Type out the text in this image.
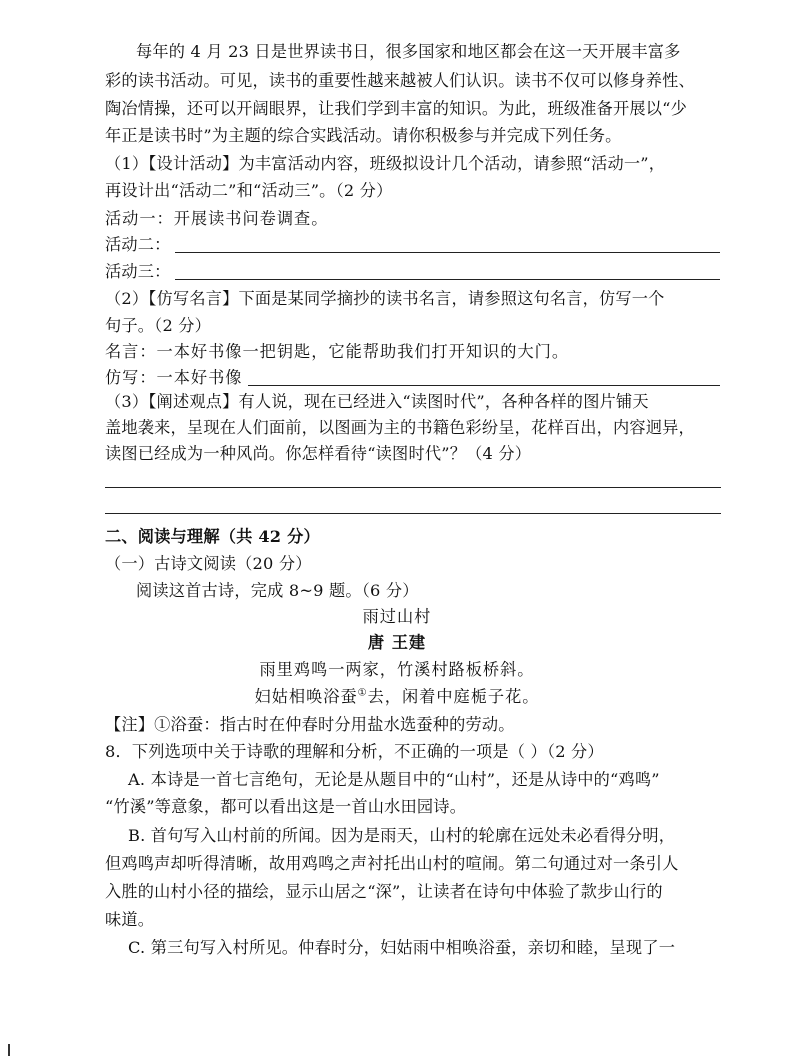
每年的 4 月 23 日是世界读书日，很多国家和地区都会在这一天开展丰富多
彩的读书活动。可见，读书的重要性越来越被人们认识。读书不仅可以修身养性、
陶冶情操，还可以开阔眼界，让我们学到丰富的知识。为此，班级准备开展以“少
年正是读书时”为主题的综合实践活动。请你积极参与并完成下列任务。
（1）【设计活动】为丰富活动内容，班级拟设计几个活动，请参照“活动一”，
再设计出“活动二”和“活动三”。（2 分）
活动一：开展读书问卷调查。
活动二：
活动三：
（2）【仿写名言】下面是某同学摘抄的读书名言，请参照这句名言，仿写一个
句子。（2 分）
名言：一本好书像一把钥匙，它能帮助我们打开知识的大门。
仿写：一本好书像
（3）【阐述观点】有人说，现在已经进入“读图时代”，各种各样的图片铺天
盖地袭来，呈现在人们面前，以图画为主的书籍色彩纷呈，花样百出，内容迥异，
读图已经成为一种风尚。你怎样看待“读图时代”？（4 分）
二、阅读与理解（共 42 分）
（一）古诗文阅读（20 分）
阅读这首古诗，完成 8~9 题。（6 分）
雨过山村
唐 王建
雨里鸡鸣一两家，竹溪村路板桥斜。
妇姑相唤浴蚕①去，闲着中庭栀子花。
【注】①浴蚕：指古时在仲春时分用盐水选蚕种的劳动。
8．下列选项中关于诗歌的理解和分析，不正确的一项是（ ）（2 分）
A. 本诗是一首七言绝句，无论是从题目中的“山村”，还是从诗中的“鸡鸣”
“竹溪”等意象，都可以看出这是一首山水田园诗。
B. 首句写入山村前的所闻。因为是雨天，山村的轮廓在远处未必看得分明，
但鸡鸣声却听得清晰，故用鸡鸣之声衬托出山村的喧闹。第二句通过对一条引人
入胜的山村小径的描绘，显示山居之“深”，让读者在诗句中体验了款步山行的
味道。
C. 第三句写入村所见。仲春时分，妇姑雨中相唤浴蚕，亲切和睦，呈现了一
